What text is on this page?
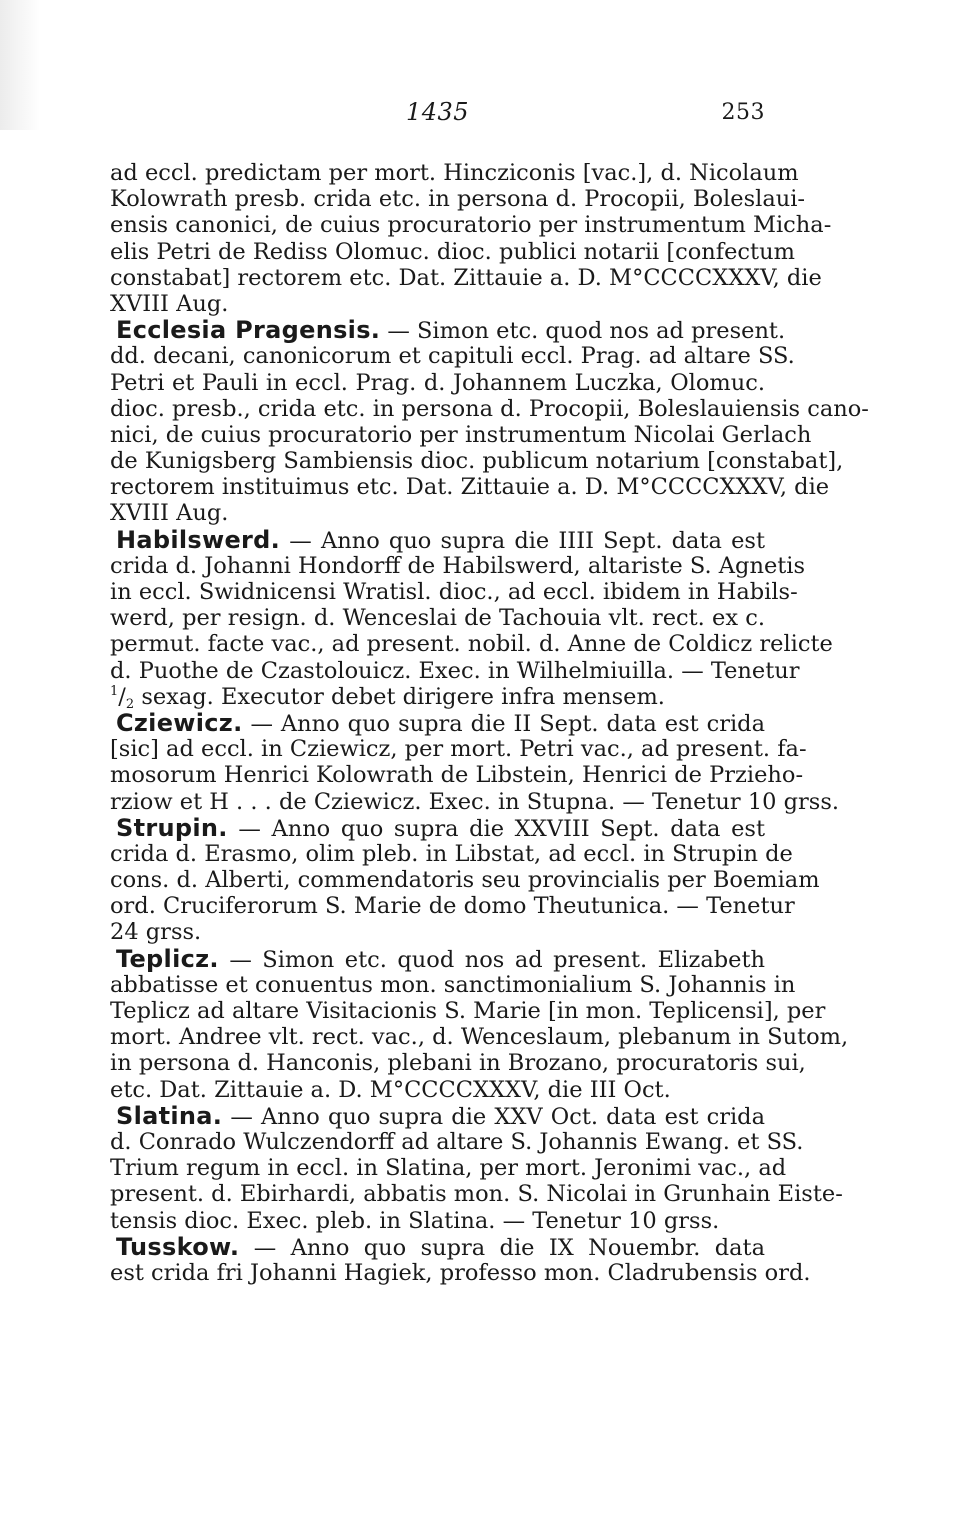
1435	253
ad eccl. predictam per mort. Hincziconis [vac.], d. Nicolaum
Kolowrath presb. crida etc. in persona d. Procopii, Boleslaui-
ensis canonici, de cuius procuratorio per instrumentum Micha-
elis Petri de Rediss Olomuc. dioc. publici notarii [confectum
constabat] rectorem etc. Dat. Zittauie a. D. M°CCCCXXXV, die
XVIII Aug.
Ecclesia Pragensis. — Simon etc. quod nos ad present.
dd. decani, canonicorum et capituli eccl. Prag. ad altare SS.
Petri et Pauli in eccl. Prag. d. Johannem Luczka, Olomuc.
dioc. presb., crida etc. in persona d. Procopii, Boleslauiensis cano-
nici, de cuius procuratorio per instrumentum Nicolai Gerlach
de Kunigsberg Sambiensis dioc. publicum notarium [constabat],
rectorem instituimus etc. Dat. Zittauie a. D. M°CCCCXXXV, die
XVIII Aug.
Habilswerd. — Anno quo supra die IIII Sept. data est
crida d. Johanni Hondorff de Habilswerd, altariste S. Agnetis
in eccl. Swidnicensi Wratisl. dioc., ad eccl. ibidem in Habils-
werd, per resign. d. Wenceslai de Tachouia vlt. rect. ex c.
permut. facte vac., ad present. nobil. d. Anne de Coldicz relicte
d. Puothe de Czastolouicz. Exec. in Wilhelmiuilla. — Tenetur
$^1/_2$ sexag. Executor debet dirigere infra mensem.
Cziewicz. — Anno quo supra die II Sept. data est crida
[sic] ad eccl. in Cziewicz, per mort. Petri vac., ad present. fa-
mosorum Henrici Kolowrath de Libstein, Henrici de Przieho-
rziow et H . . . de Cziewicz. Exec. in Stupna. — Tenetur 10 grss.
Strupin. — Anno quo supra die XXVIII Sept. data est
crida d. Erasmo, olim pleb. in Libstat, ad eccl. in Strupin de
cons. d. Alberti, commendatoris seu provincialis per Boemiam
ord. Cruciferorum S. Marie de domo Theutunica. — Tenetur
24 grss.
Teplicz. — Simon etc. quod nos ad present. Elizabeth
abbatisse et conuentus mon. sanctimonialium S. Johannis in
Teplicz ad altare Visitacionis S. Marie [in mon. Teplicensi], per
mort. Andree vlt. rect. vac., d. Wenceslaum, plebanum in Sutom,
in persona d. Hanconis, plebani in Brozano, procuratoris sui,
etc. Dat. Zittauie a. D. M°CCCCXXXV, die III Oct.
Slatina. — Anno quo supra die XXV Oct. data est crida
d. Conrado Wulczendorff ad altare S. Johannis Ewang. et SS.
Trium regum in eccl. in Slatina, per mort. Jeronimi vac., ad
present. d. Ebirhardi, abbatis mon. S. Nicolai in Grunhain Eiste-
tensis dioc. Exec. pleb. in Slatina. — Tenetur 10 grss.
Tusskow. — Anno quo supra die IX Nouembr. data
est crida fri Johanni Hagiek, professo mon. Cladrubensis ord.
